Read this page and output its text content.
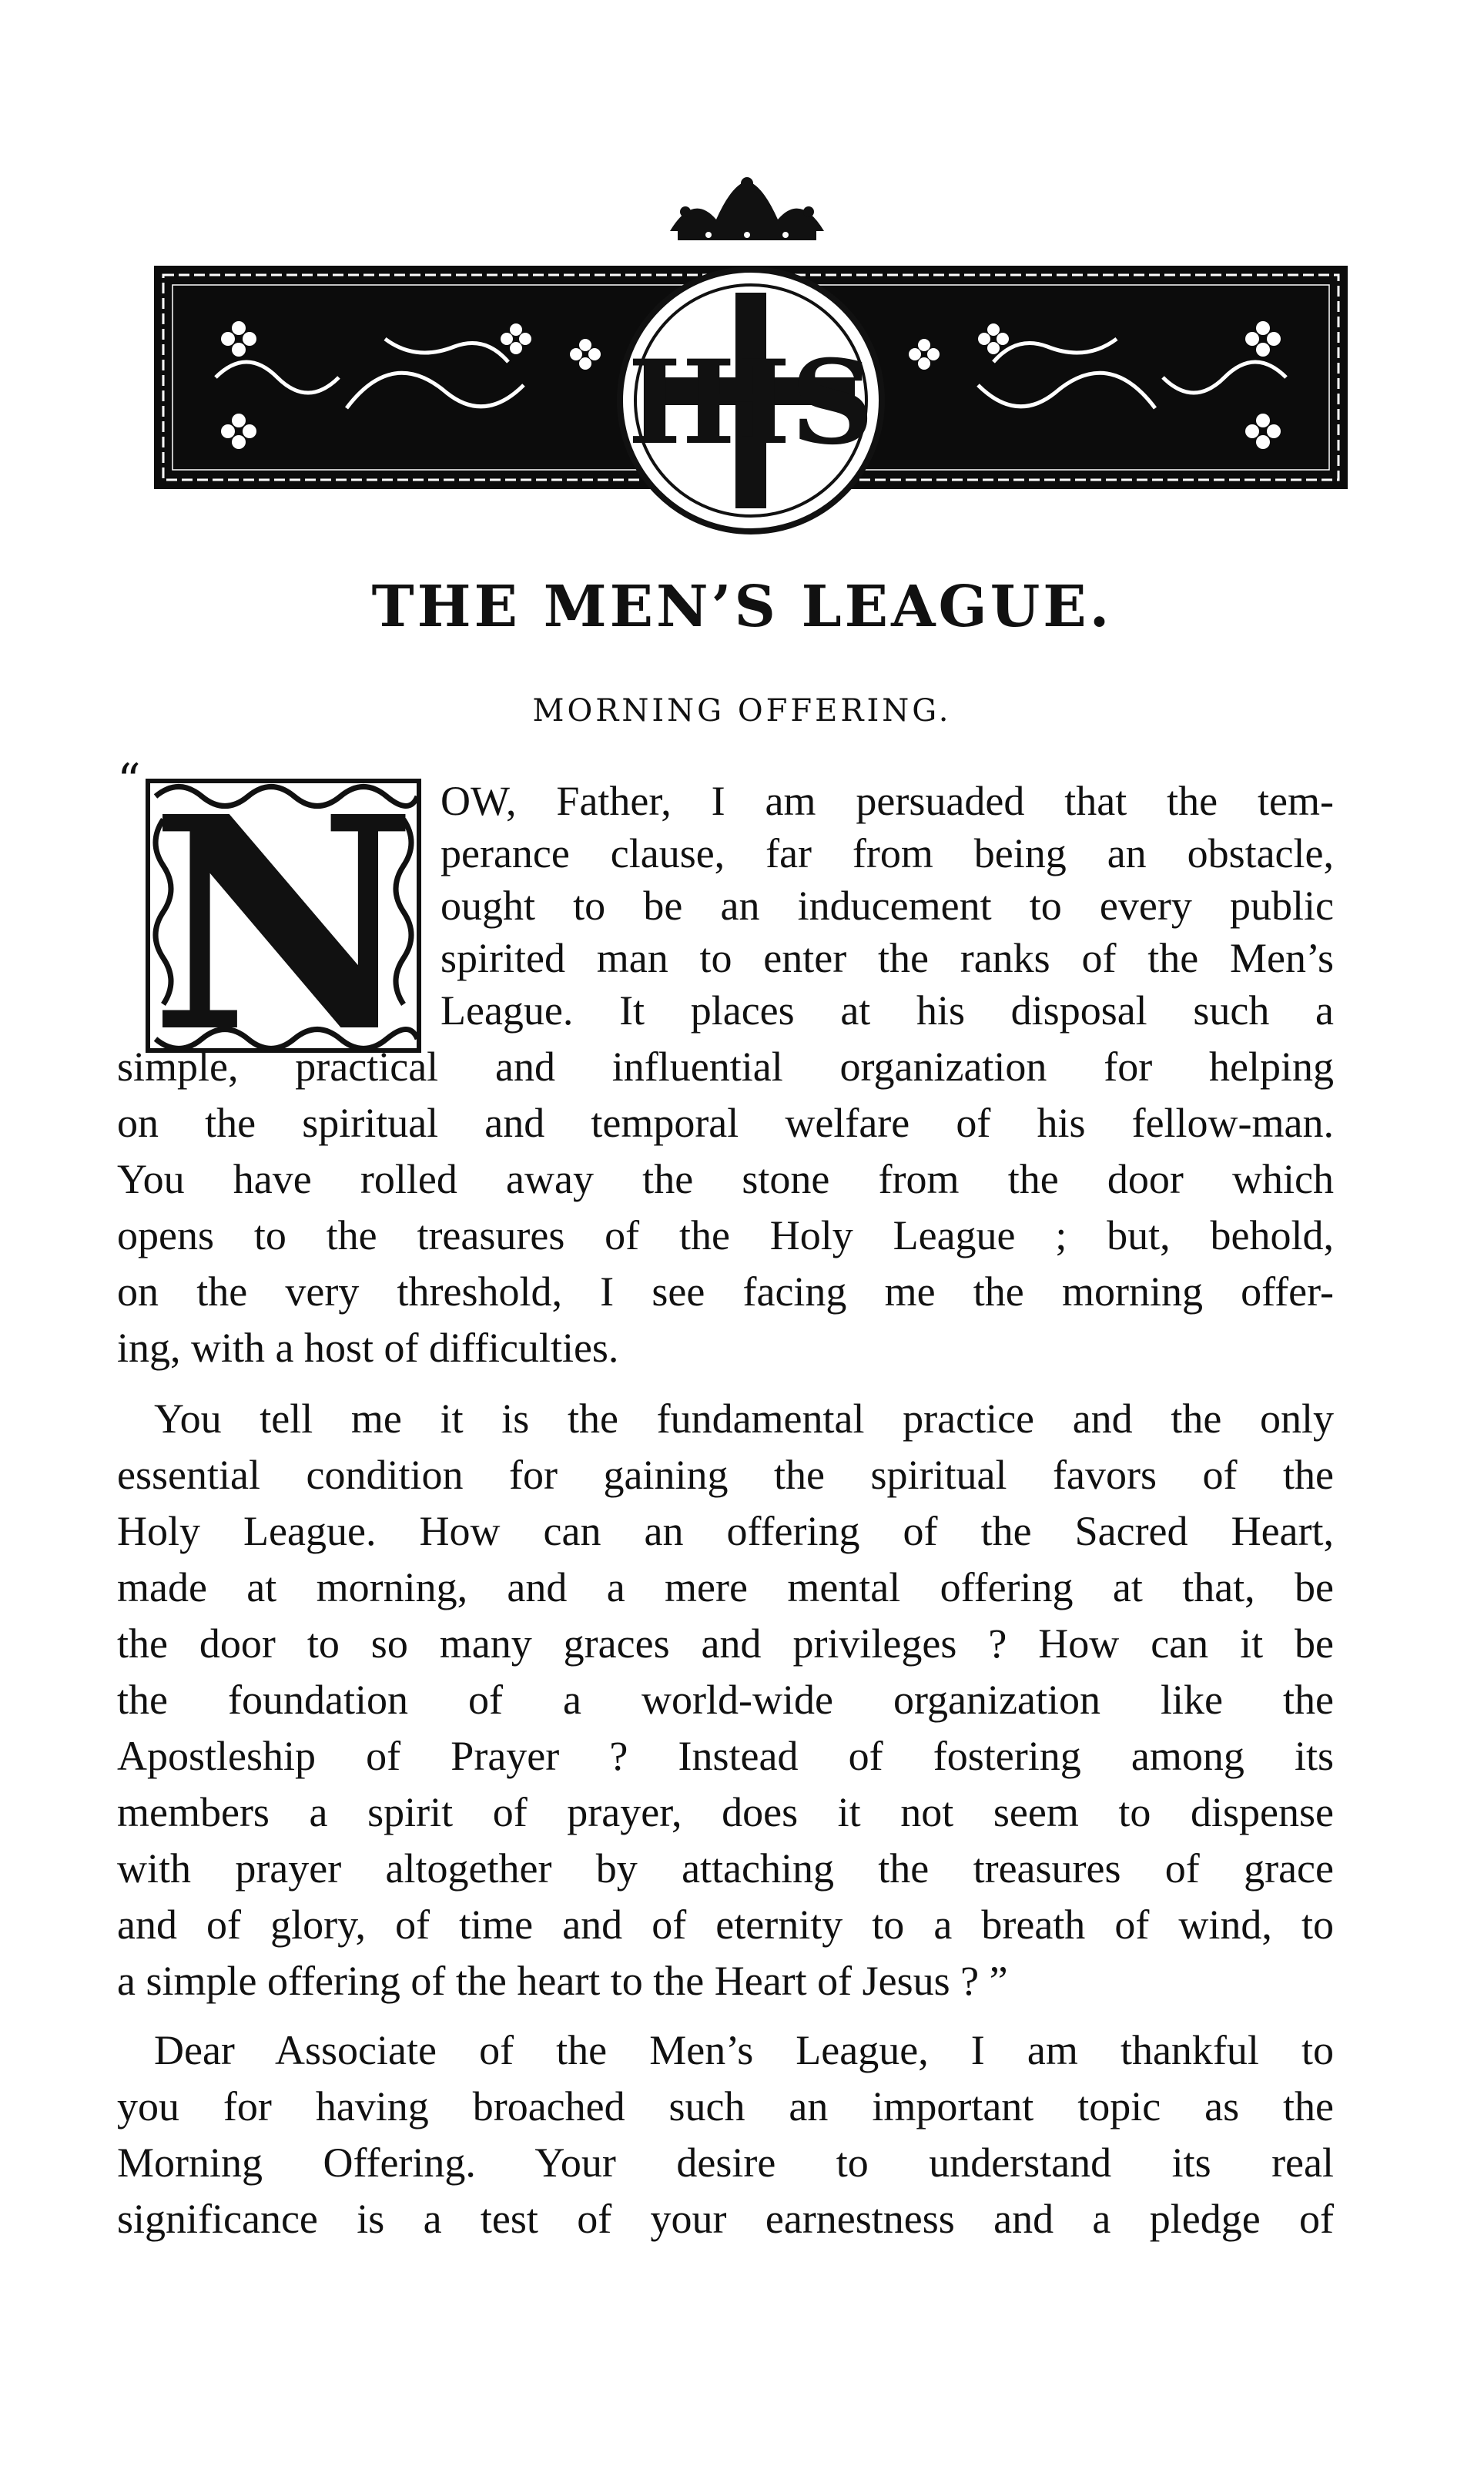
IHS
THE MEN’S LEAGUE.
MORNING OFFERING.
“ N OW, Father, I am persuaded that the tem-
perance clause, far from being an obstacle,
ought to be an inducement to every public
spirited man to enter the ranks of the Men’s
League. It places at his disposal such a
simple, practical and influential organization for helping
on the spiritual and temporal welfare of his fellow-man.
You have rolled away the stone from the door which
opens to the treasures of the Holy League ; but, behold,
on the very threshold, I see facing me the morning offer-
ing, with a host of difficulties.
You tell me it is the fundamental practice and the only
essential condition for gaining the spiritual favors of the
Holy League. How can an offering of the Sacred Heart,
made at morning, and a mere mental offering at that, be
the door to so many graces and privileges ? How can it be
the foundation of a world-wide organization like the
Apostleship of Prayer ? Instead of fostering among its
members a spirit of prayer, does it not seem to dispense
with prayer altogether by attaching the treasures of grace
and of glory, of time and of eternity to a breath of wind, to
a simple offering of the heart to the Heart of Jesus ? ”
Dear Associate of the Men’s League, I am thankful to
you for having broached such an important topic as the
Morning Offering. Your desire to understand its real
significance is a test of your earnestness and a pledge of
